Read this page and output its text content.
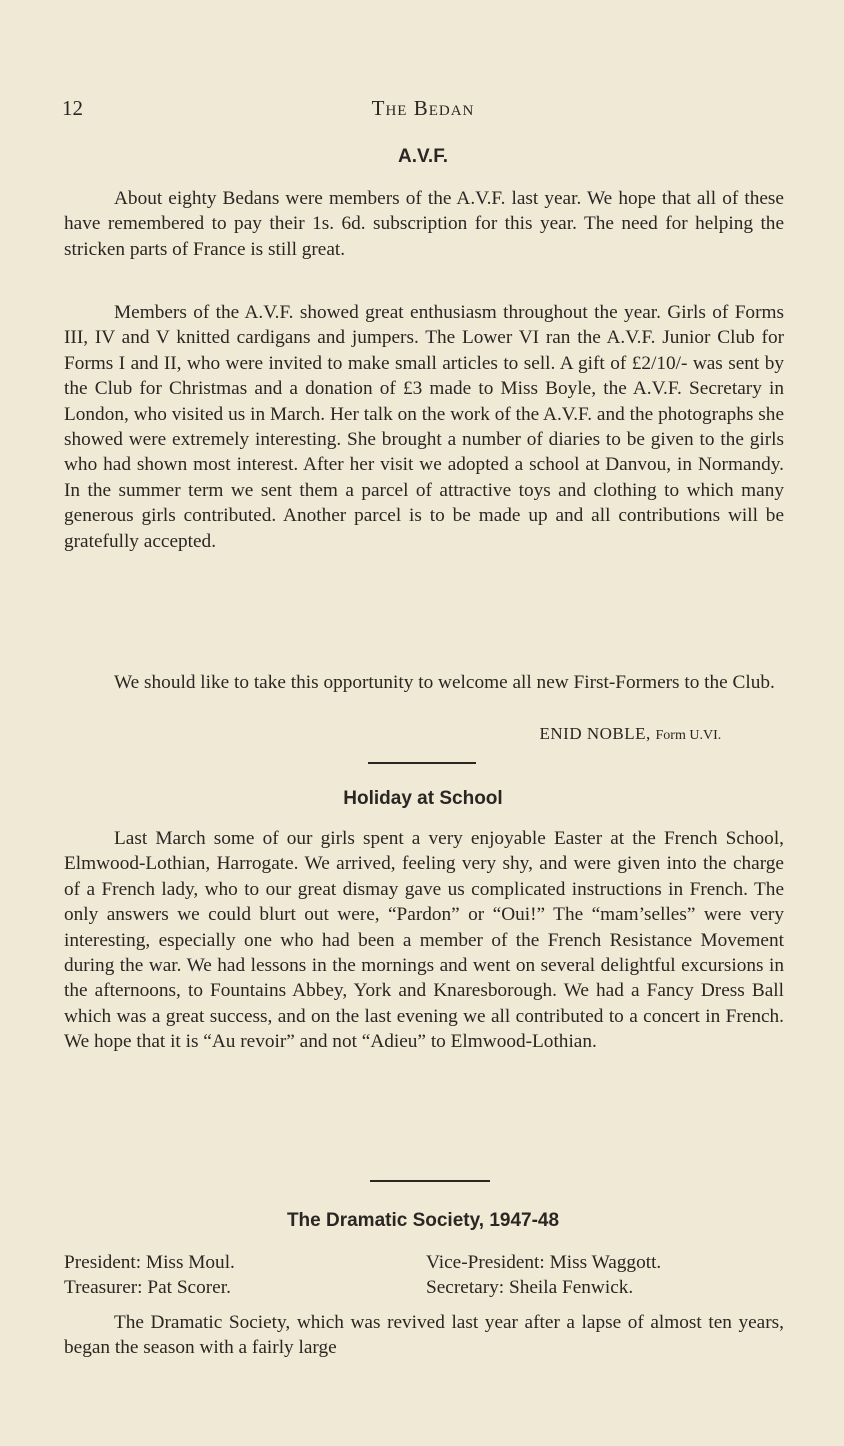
12	The Bedan
A.V.F.

About eighty Bedans were members of the A.V.F. last year. We hope that all of these have remembered to pay their 1s. 6d. subscription for this year. The need for helping the stricken parts of France is still great.

Members of the A.V.F. showed great enthusiasm throughout the year. Girls of Forms III, IV and V knitted cardigans and jumpers. The Lower VI ran the A.V.F. Junior Club for Forms I and II, who were invited to make small articles to sell. A gift of £2/10/- was sent by the Club for Christmas and a donation of £3 made to Miss Boyle, the A.V.F. Secretary in London, who visited us in March. Her talk on the work of the A.V.F. and the photographs she showed were extremely interesting. She brought a number of diaries to be given to the girls who had shown most interest. After her visit we adopted a school at Danvou, in Normandy. In the summer term we sent them a parcel of attractive toys and clothing to which many generous girls contributed. Another parcel is to be made up and all contributions will be gratefully accepted.

We should like to take this opportunity to welcome all new First-Formers to the Club.

ENID NOBLE, Form U.VI.
Holiday at School

Last March some of our girls spent a very enjoyable Easter at the French School, Elmwood-Lothian, Harrogate. We arrived, feeling very shy, and were given into the charge of a French lady, who to our great dismay gave us complicated instructions in French. The only answers we could blurt out were, “Pardon” or “Oui!” The “mam’selles” were very interesting, especially one who had been a member of the French Resistance Movement during the war. We had lessons in the mornings and went on several delightful excursions in the afternoons, to Fountains Abbey, York and Knaresborough. We had a Fancy Dress Ball which was a great success, and on the last evening we all contributed to a concert in French. We hope that it is “Au revoir” and not “Adieu” to Elmwood-Lothian.

The Dramatic Society, 1947-48
President: Miss Moul.	Vice-President: Miss Waggott.
Treasurer: Pat Scorer.	Secretary: Sheila Fenwick.

The Dramatic Society, which was revived last year after a lapse of almost ten years, began the season with a fairly large
